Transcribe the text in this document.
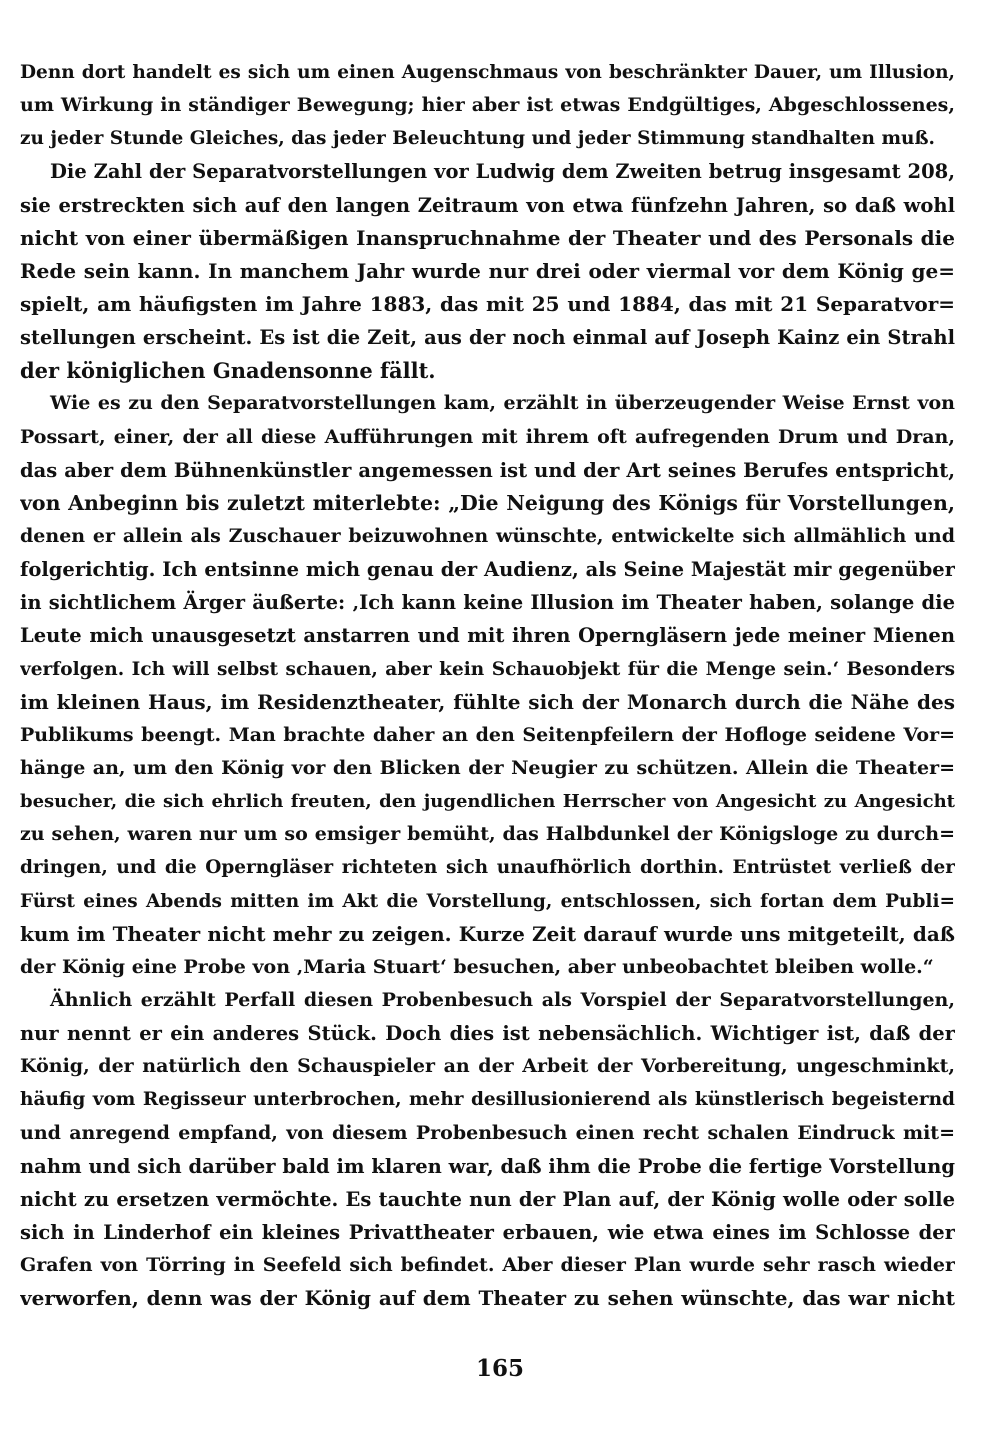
Denn dort handelt es sich um einen Augenschmaus von beschränkter Dauer, um Illusion,
um Wirkung in ständiger Bewegung; hier aber ist etwas Endgültiges, Abgeschlossenes,
zu jeder Stunde Gleiches, das jeder Beleuchtung und jeder Stimmung standhalten muß.
Die Zahl der Separatvorstellungen vor Ludwig dem Zweiten betrug insgesamt 208,
sie erstreckten sich auf den langen Zeitraum von etwa fünfzehn Jahren, so daß wohl
nicht von einer übermäßigen Inanspruchnahme der Theater und des Personals die
Rede sein kann. In manchem Jahr wurde nur drei oder viermal vor dem König ge=
spielt, am häufigsten im Jahre 1883, das mit 25 und 1884, das mit 21 Separatvor=
stellungen erscheint. Es ist die Zeit, aus der noch einmal auf Joseph Kainz ein Strahl
der königlichen Gnadensonne fällt.
Wie es zu den Separatvorstellungen kam, erzählt in überzeugender Weise Ernst von
Possart, einer, der all diese Aufführungen mit ihrem oft aufregenden Drum und Dran,
das aber dem Bühnenkünstler angemessen ist und der Art seines Berufes entspricht,
von Anbeginn bis zuletzt miterlebte: „Die Neigung des Königs für Vorstellungen,
denen er allein als Zuschauer beizuwohnen wünschte, entwickelte sich allmählich und
folgerichtig. Ich entsinne mich genau der Audienz, als Seine Majestät mir gegenüber
in sichtlichem Ärger äußerte: ‚Ich kann keine Illusion im Theater haben, solange die
Leute mich unausgesetzt anstarren und mit ihren Operngläsern jede meiner Mienen
verfolgen. Ich will selbst schauen, aber kein Schauobjekt für die Menge sein.‘ Besonders
im kleinen Haus, im Residenztheater, fühlte sich der Monarch durch die Nähe des
Publikums beengt. Man brachte daher an den Seitenpfeilern der Hofloge seidene Vor=
hänge an, um den König vor den Blicken der Neugier zu schützen. Allein die Theater=
besucher, die sich ehrlich freuten, den jugendlichen Herrscher von Angesicht zu Angesicht
zu sehen, waren nur um so emsiger bemüht, das Halbdunkel der Königsloge zu durch=
dringen, und die Operngläser richteten sich unaufhörlich dorthin. Entrüstet verließ der
Fürst eines Abends mitten im Akt die Vorstellung, entschlossen, sich fortan dem Publi=
kum im Theater nicht mehr zu zeigen. Kurze Zeit darauf wurde uns mitgeteilt, daß
der König eine Probe von ‚Maria Stuart‘ besuchen, aber unbeobachtet bleiben wolle.“
Ähnlich erzählt Perfall diesen Probenbesuch als Vorspiel der Separatvorstellungen,
nur nennt er ein anderes Stück. Doch dies ist nebensächlich. Wichtiger ist, daß der
König, der natürlich den Schauspieler an der Arbeit der Vorbereitung, ungeschminkt,
häufig vom Regisseur unterbrochen, mehr desillusionierend als künstlerisch begeisternd
und anregend empfand, von diesem Probenbesuch einen recht schalen Eindruck mit=
nahm und sich darüber bald im klaren war, daß ihm die Probe die fertige Vorstellung
nicht zu ersetzen vermöchte. Es tauchte nun der Plan auf, der König wolle oder solle
sich in Linderhof ein kleines Privattheater erbauen, wie etwa eines im Schlosse der
Grafen von Törring in Seefeld sich befindet. Aber dieser Plan wurde sehr rasch wieder
verworfen, denn was der König auf dem Theater zu sehen wünschte, das war nicht
165
